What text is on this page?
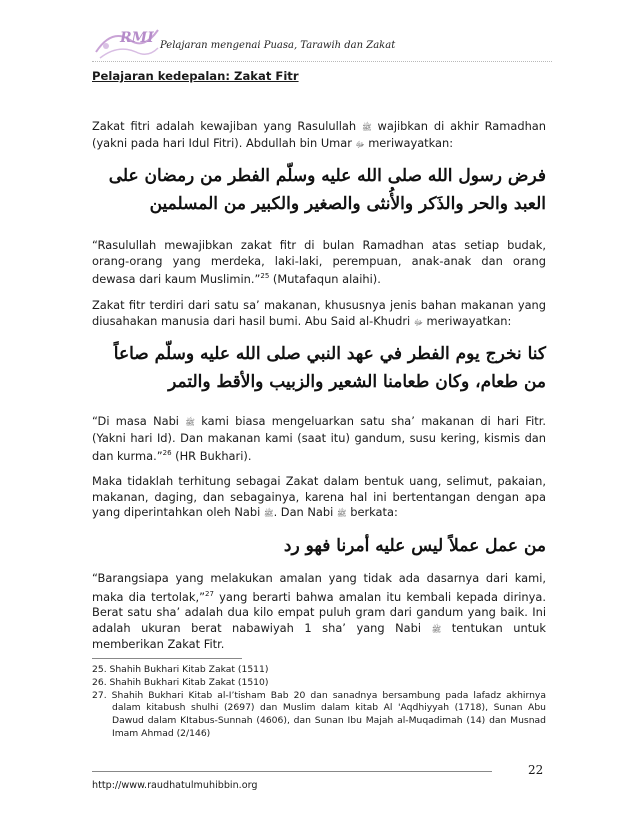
RMI Pelajaran mengenai Puasa, Tarawih dan Zakat
Pelajaran kedepalan: Zakat Fitr
Zakat fitri adalah kewajiban yang Rasulullah ﷺ wajibkan di akhir Ramadhan (yakni pada hari Idul Fitri). Abdullah bin Umar ﷻ meriwayatkan:
فرض رسول الله صلى الله عليه وسلّم الفطر من رمضان على العبد والحر والذَكر والأُنثى والصغير والكبير من المسلمين
“Rasulullah mewajibkan zakat fitr di bulan Ramadhan atas setiap budak, orang-orang yang merdeka, laki-laki, perempuan, anak-anak dan orang dewasa dari kaum Muslimin.”$^{25}$ (Mutafaqun alaihi).
Zakat fitr terdiri dari satu sa’ makanan, khususnya jenis bahan makanan yang diusahakan manusia dari hasil bumi. Abu Said al-Khudri ﷻ meriwayatkan:
كنا نخرج يوم الفطر في عهد النبي صلى الله عليه وسلّم صاعاً من طعام، وكان طعامنا الشعير والزبيب والأقط والتمر
“Di masa Nabi ﷺ kami biasa mengeluarkan satu sha’ makanan di hari Fitr. (Yakni hari Id). Dan makanan kami (saat itu) gandum, susu kering, kismis dan dan kurma.”$^{26}$ (HR Bukhari).
Maka tidaklah terhitung sebagai Zakat dalam bentuk uang, selimut, pakaian, makanan, daging, dan sebagainya, karena hal ini bertentangan dengan apa yang diperintahkan oleh Nabi ﷺ. Dan Nabi ﷺ berkata:
من عمل عملاً ليس عليه أمرنا فهو رد
“Barangsiapa yang melakukan amalan yang tidak ada dasarnya dari kami, maka dia tertolak,”$^{27}$ yang berarti bahwa amalan itu kembali kepada dirinya. Berat satu sha’ adalah dua kilo empat puluh gram dari gandum yang baik. Ini adalah ukuran berat nabawiyah 1 sha’ yang Nabi ﷺ tentukan untuk memberikan Zakat Fitr.
25. Shahih Bukhari Kitab Zakat (1511)
26. Shahih Bukhari Kitab Zakat (1510)
27. Shahih Bukhari Kitab al-I’tisham Bab 20 dan sanadnya bersambung pada lafadz akhirnya dalam kitabush shulhi (2697) dan Muslim dalam kitab Al 'Aqdhiyyah (1718), Sunan Abu Dawud dalam KItabus-Sunnah (4606), dan Sunan Ibu Majah al-Muqadimah (14) dan Musnad Imam Ahmad (2/146)
22
http://www.raudhatulmuhibbin.org
